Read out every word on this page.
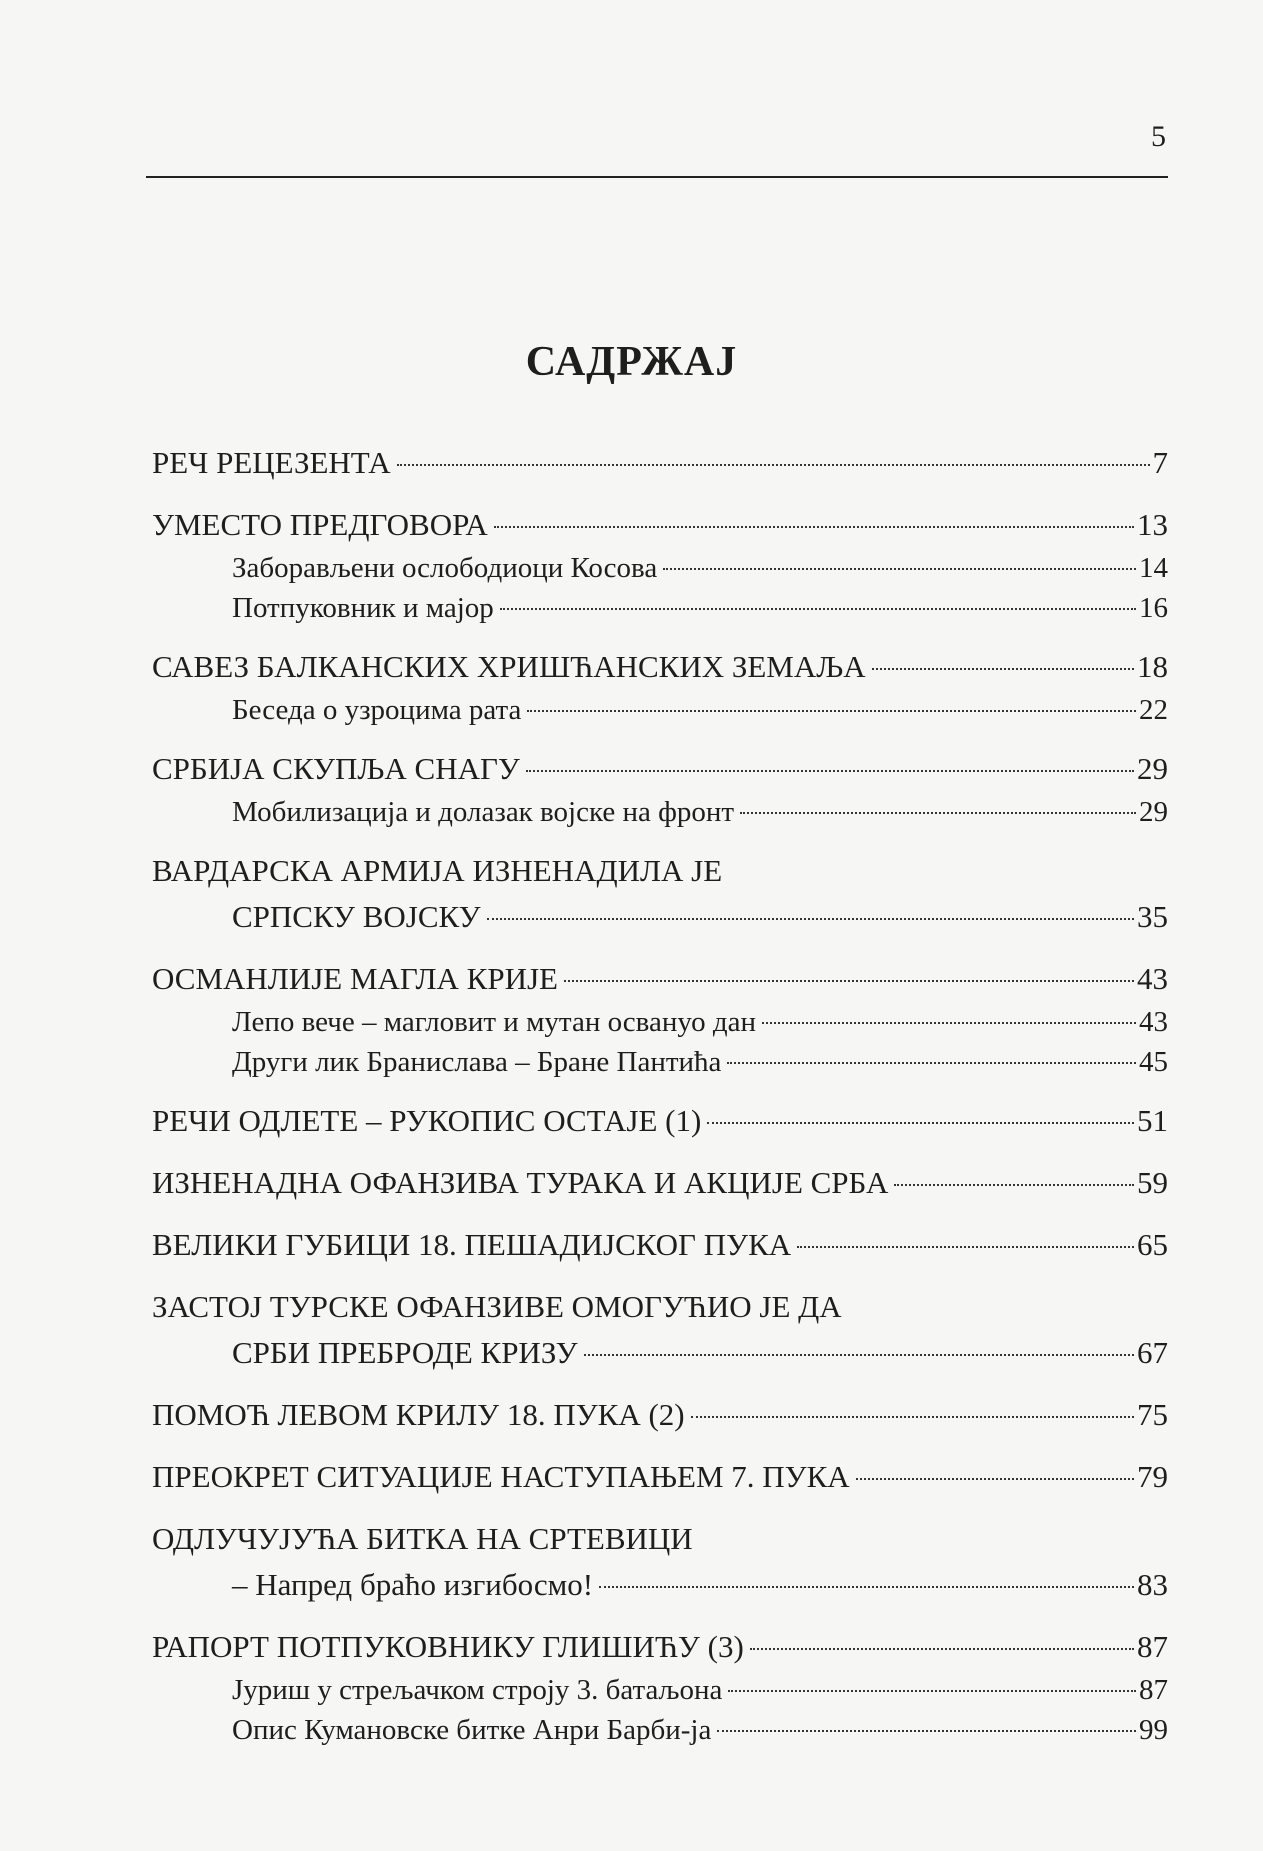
5
САДРЖАЈ
РЕЧ РЕЦЕЗЕНТА	7
УМЕСТО ПРЕДГОВОРА	13
Заборављени ослободиоци Косова	14
Потпуковник и мајор	16
САВЕЗ БАЛКАНСКИХ ХРИШЋАНСКИХ ЗЕМАЉА	18
Беседа о узроцима рата	22
СРБИЈА СКУПЉА СНАГУ	29
Мобилизација и долазак војске на фронт	29
ВАРДАРСКА АРМИЈА ИЗНЕНАДИЛА ЈЕ
СРПСКУ ВОЈСКУ	35
ОСМАНЛИЈЕ МАГЛА КРИЈЕ	43
Лепо вече – магловит и мутан освануо дан	43
Други лик Бранислава – Бране Пантића	45
РЕЧИ ОДЛЕТЕ – РУКОПИС ОСТАЈЕ (1)	51
ИЗНЕНАДНА ОФАНЗИВА ТУРАКА И АКЦИЈЕ СРБА	59
ВЕЛИКИ ГУБИЦИ 18. ПЕШАДИЈСКОГ ПУКА	65
ЗАСТОЈ ТУРСКЕ ОФАНЗИВЕ ОМОГУЋИО ЈЕ ДА
СРБИ ПРЕБРОДЕ КРИЗУ	67
ПОМОЋ ЛЕВОМ КРИЛУ 18. ПУКА (2)	75
ПРЕОКРЕТ СИТУАЦИЈЕ НАСТУПАЊЕМ 7. ПУКА	79
ОДЛУЧУЈУЋА БИТКА НА СРТЕВИЦИ
– Напред браћо изгибосмо!	83
РАПОРТ ПОТПУКОВНИКУ ГЛИШИЋУ (3)	87
Јуриш у стрељачком строју 3. батаљона	87
Опис Кумановске битке Анри Барби-ја	99
